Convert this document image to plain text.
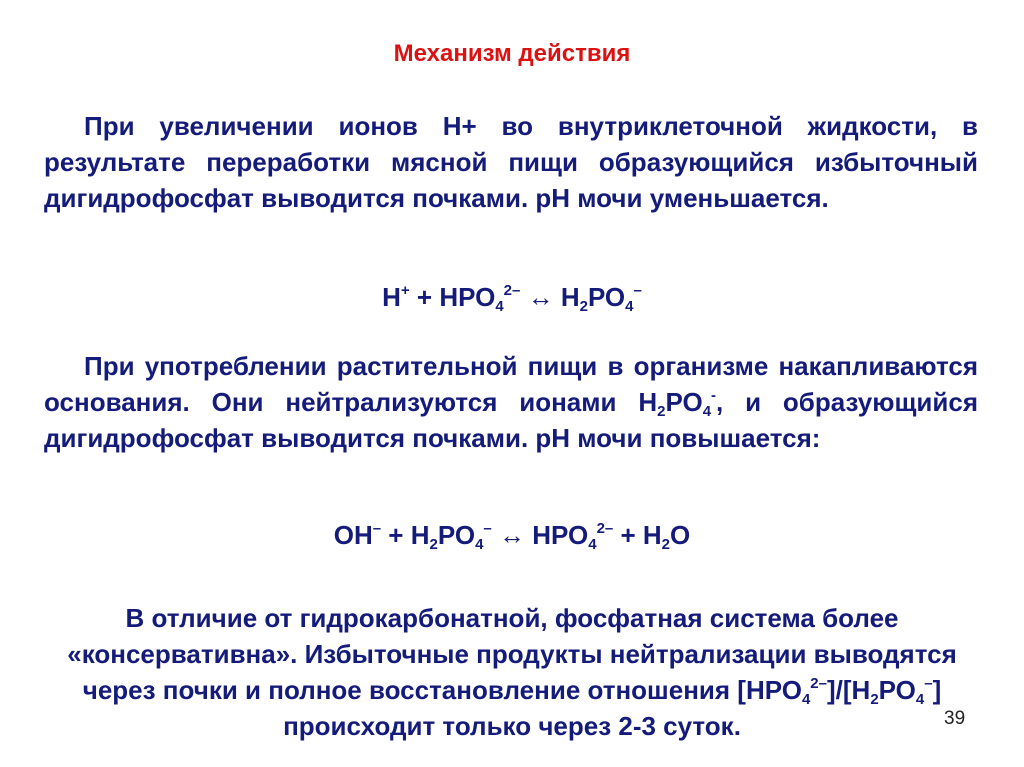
Механизм действия
При увеличении ионов Н+ во внутриклеточной жидкости, в результате переработки мясной пищи образующийся избыточный дигидрофосфат выводится почками. рН мочи уменьшается.
$Н^+ + НРО_4^{2-}$ ↔ $Н_2РО_4^-$
При употреблении растительной пищи в организме накапливаются основания. Они нейтрализуются ионами $Н_2РО_4^-$, и образующийся дигидрофосфат выводится почками. рН мочи повышается:
$ОН^- + Н_2РО_4^-$ ↔ $НРО_4^{2-} + Н_2О$
В отличие от гидрокарбонатной, фосфатная система более «консервативна». Избыточные продукты нейтрализации выводятся через почки и полное восстановление отношения $[НРО_4^{2-}]/[Н_2РО_4^-]$ происходит только через 2-3 суток.	39
